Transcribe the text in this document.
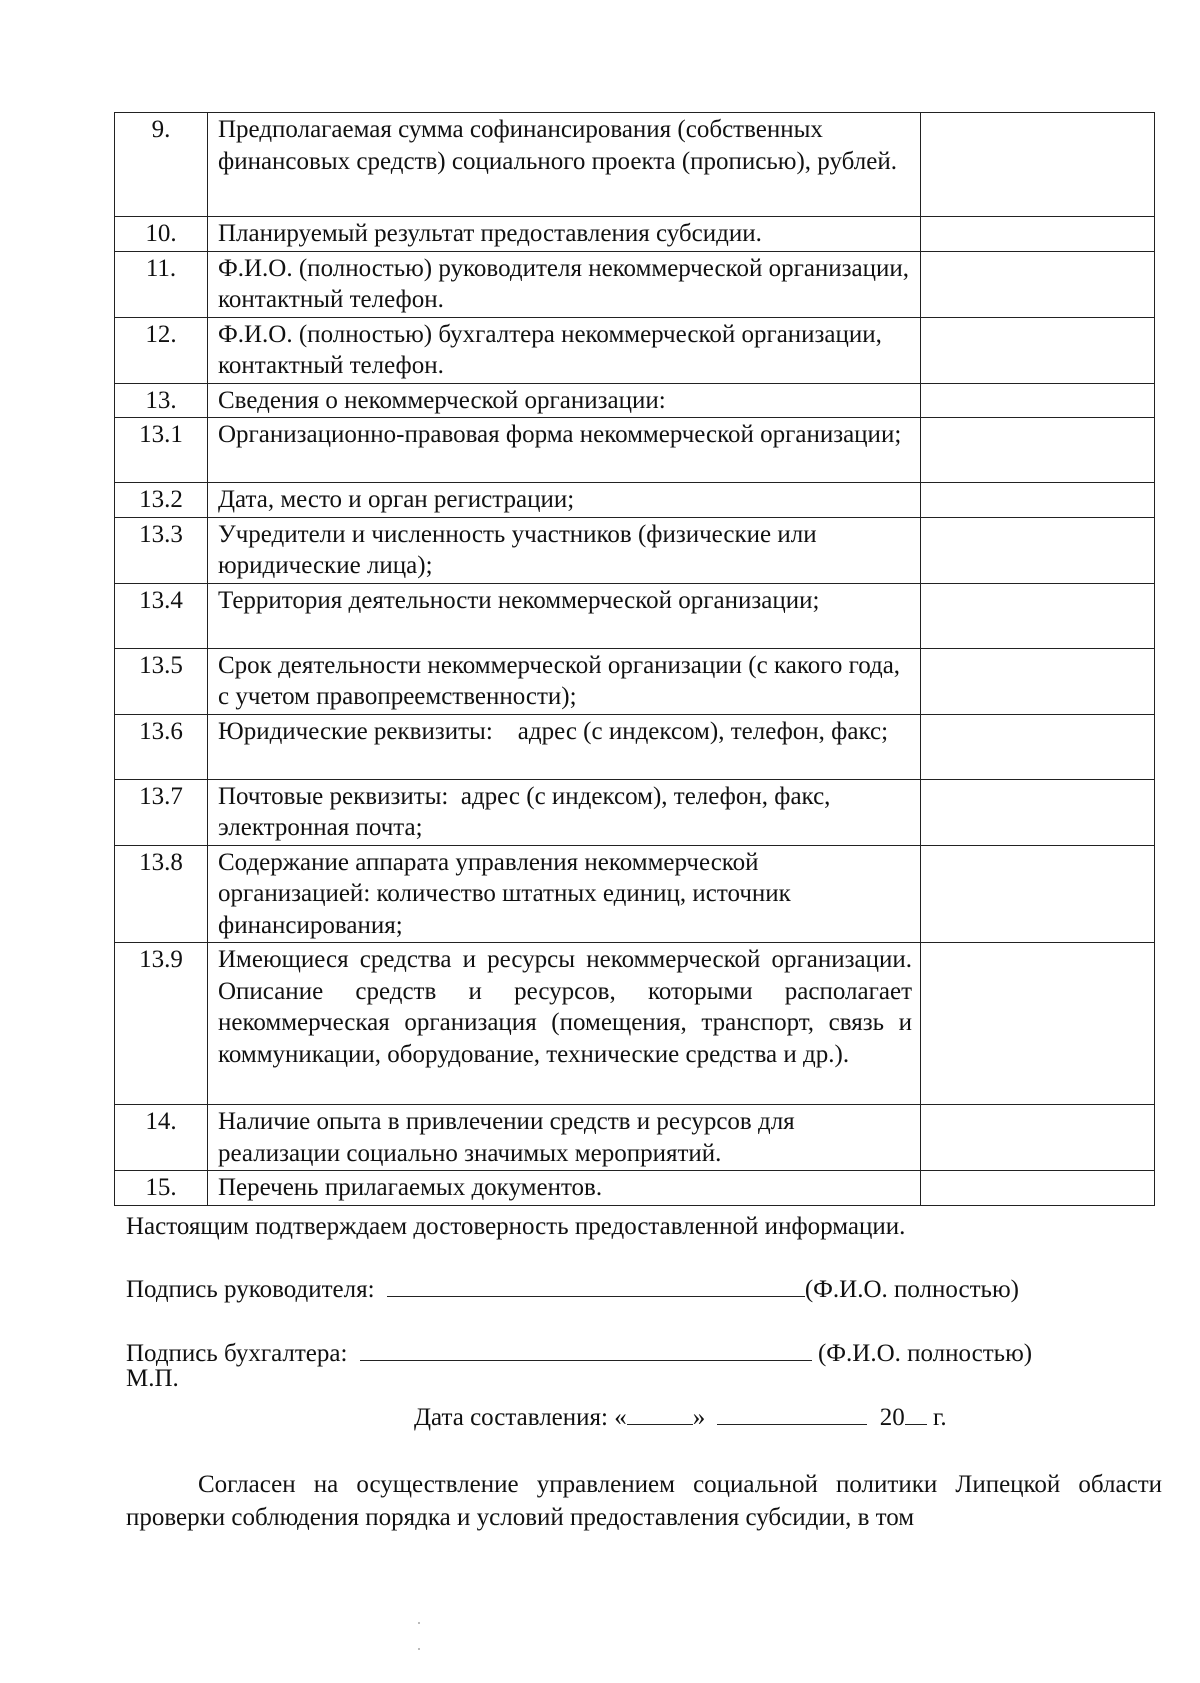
9.	Предполагаемая сумма софинансирования (собственных финансовых средств) социального проекта (прописью), рублей.	
10.	Планируемый результат предоставления субсидии.	
11.	Ф.И.О. (полностью) руководителя некоммерческой организации, контактный телефон.	
12.	Ф.И.О. (полностью) бухгалтера некоммерческой организации, контактный телефон.	
13.	Сведения о некоммерческой организации:	
13.1	Организационно-правовая форма некоммерческой организации;	
13.2	Дата, место и орган регистрации;	
13.3	Учредители и численность участников (физические или юридические лица);	
13.4	Территория деятельности некоммерческой организации;	
13.5	Срок деятельности некоммерческой организации (с какого года, с учетом правопреемственности);	
13.6	Юридические реквизиты:    адрес (с индексом), телефон, факс;	
13.7	Почтовые реквизиты:  адрес (с индексом), телефон, факс, электронная почта;	
13.8	Содержание аппарата управления некоммерческой организацией: количество штатных единиц, источник финансирования;	
13.9	Имеющиеся средства и ресурсы некоммерческой организации. Описание средств и ресурсов, которыми располагает некоммерческая организация (помещения, транспорт, связь и коммуникации, оборудование, технические средства и др.).	
14.	Наличие опыта в привлечении средств и ресурсов для реализации социально значимых мероприятий.	
15.	Перечень прилагаемых документов.	
Настоящим подтверждаем достоверность предоставленной информации.
Подпись руководителя:	(Ф.И.О. полностью)
Подпись бухгалтера:	(Ф.И.О. полностью)
М.П.
Дата составления: «	»	20 г.
Согласен на осуществление управлением социальной политики Липецкой области проверки соблюдения порядка и условий предоставления субсидии, в том
